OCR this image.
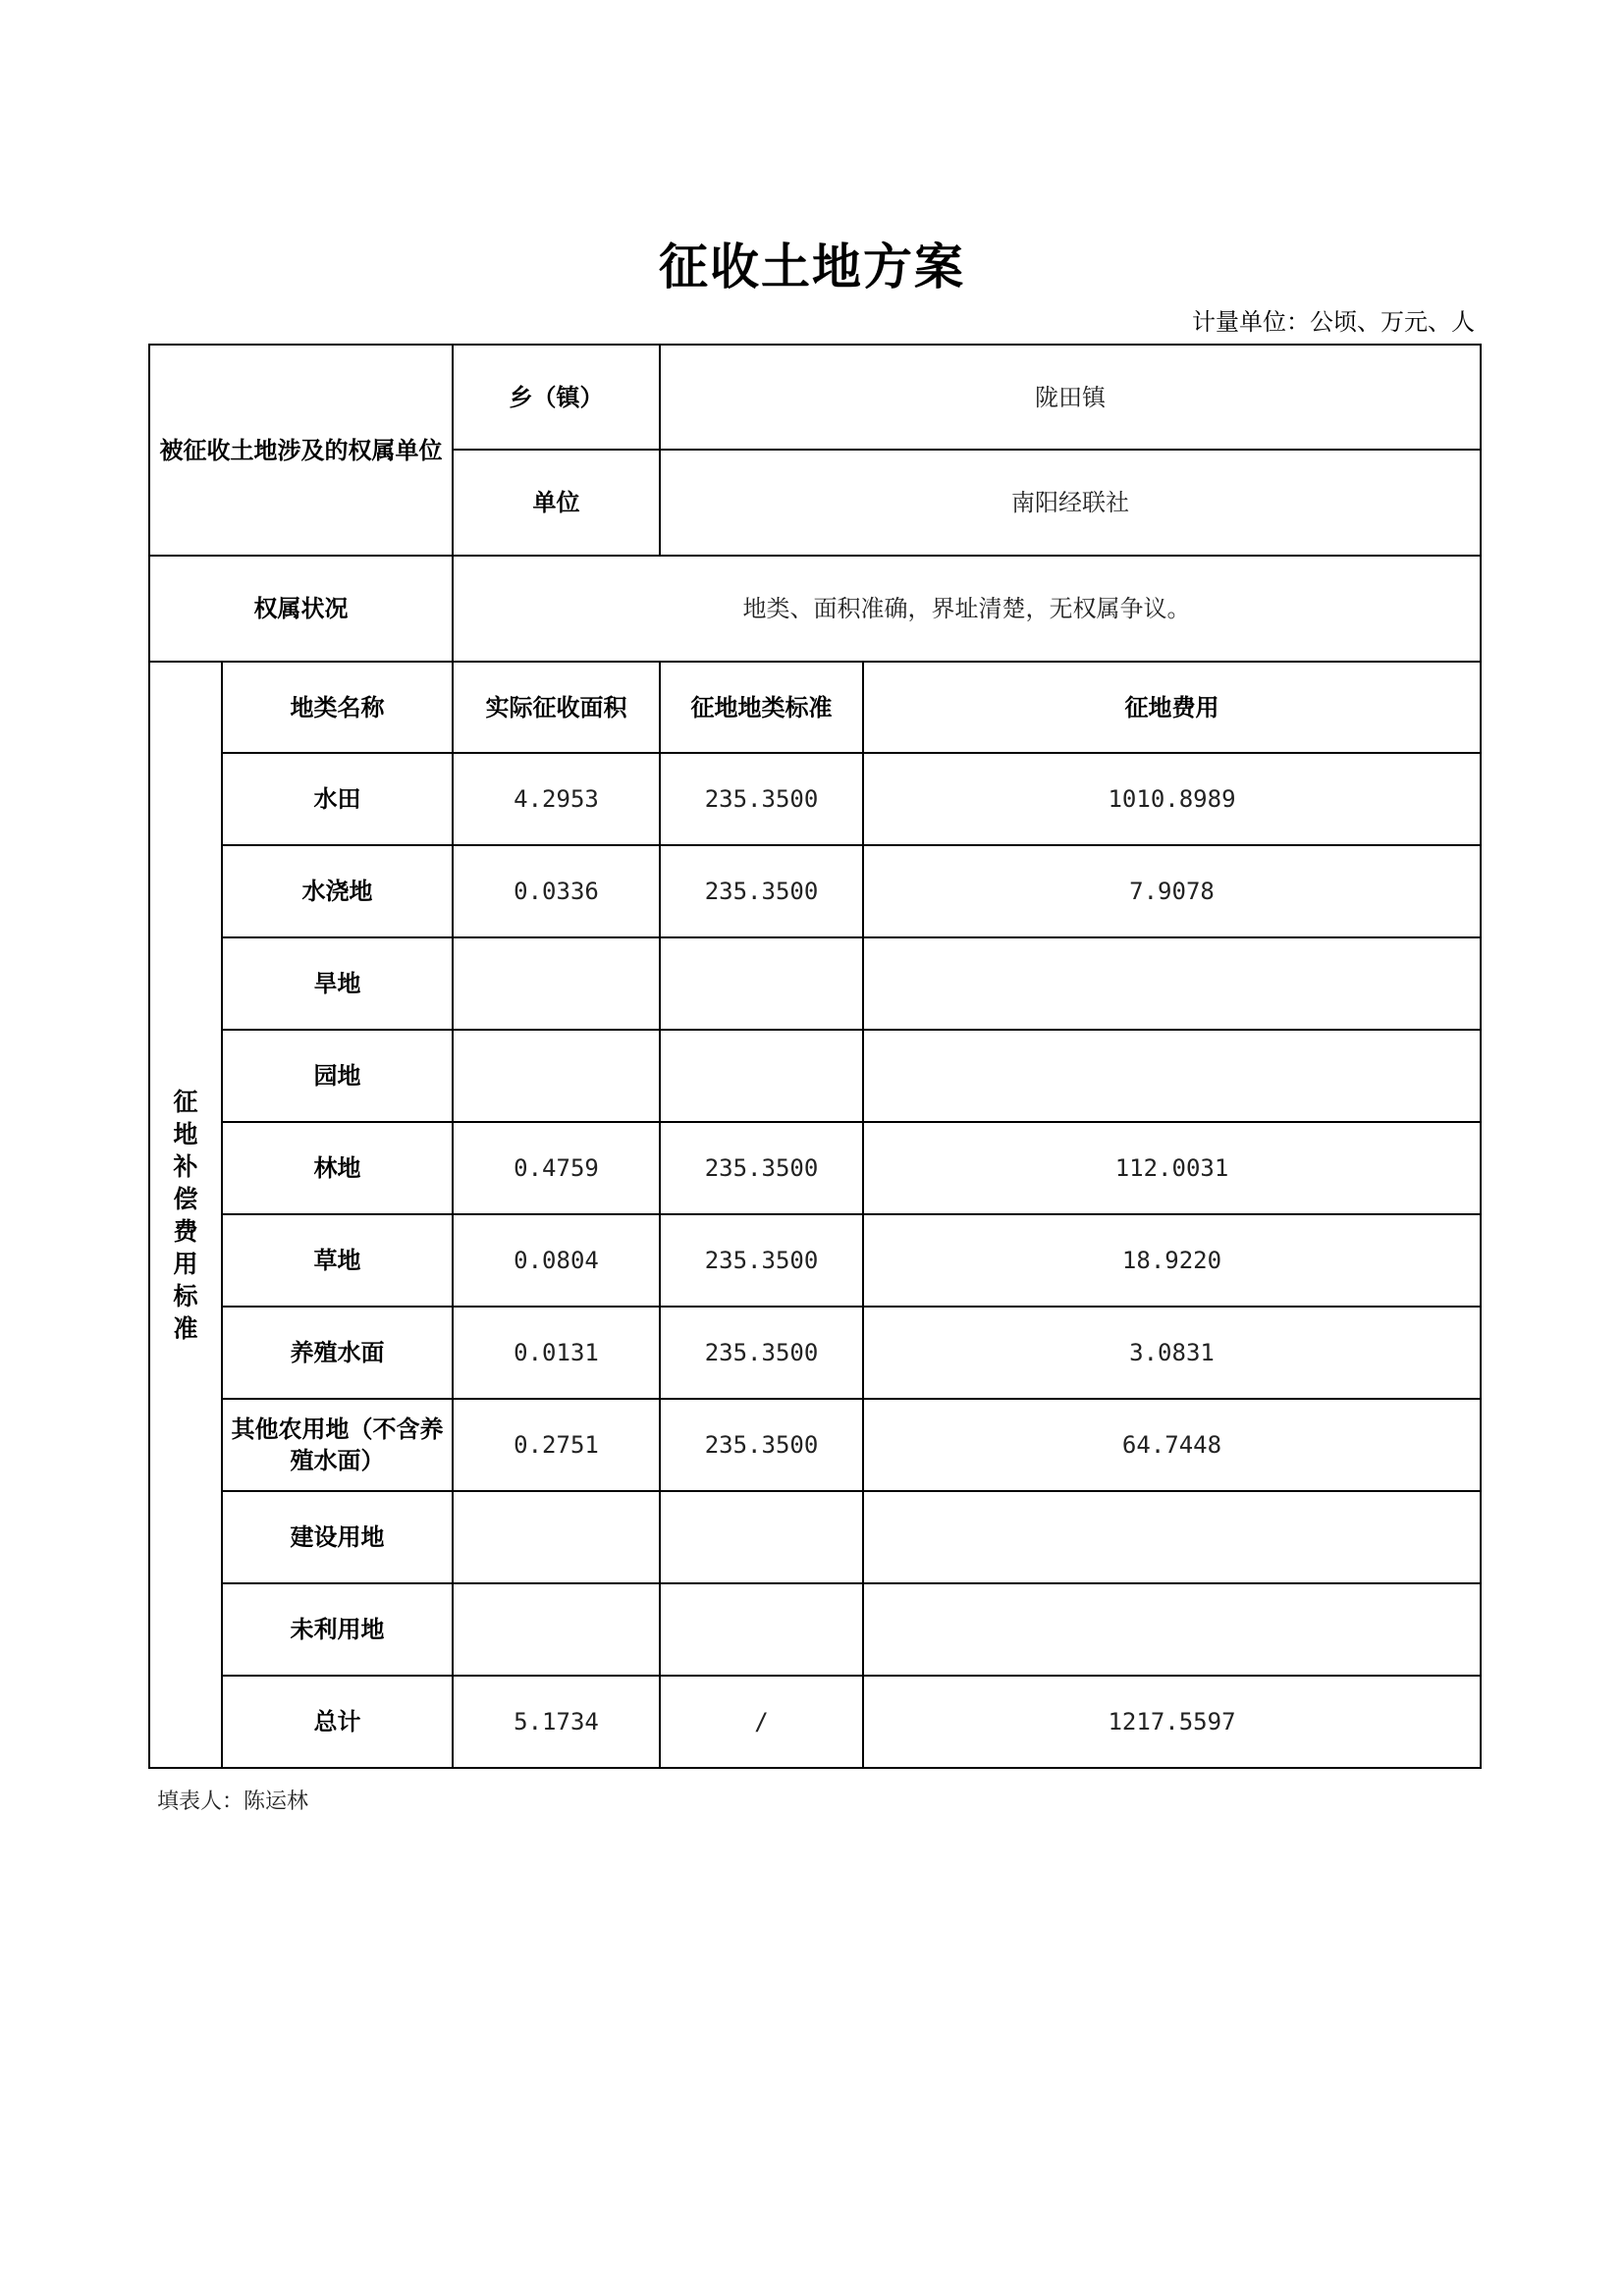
征收土地方案
计量单位：公顷、万元、人
被征收土地涉及的权属单位		乡（镇）	陇田镇	
		单位	南阳经联社	
权属状况		地类、面积准确，界址清楚，无权属争议。		
征地补偿费用标准	地类名称	实际征收面积	征地地类标准	征地费用
	水田	4.2953	235.3500	1010.8989
	水浇地	0.0336	235.3500	7.9078
	旱地			
	园地			
	林地	0.4759	235.3500	112.0031
	草地	0.0804	235.3500	18.9220
	养殖水面	0.0131	235.3500	3.0831
	其他农用地（不含养殖水面）	0.2751	235.3500	64.7448
	建设用地			
	未利用地			
	总计	5.1734	/	1217.5597
填表人：陈运林
